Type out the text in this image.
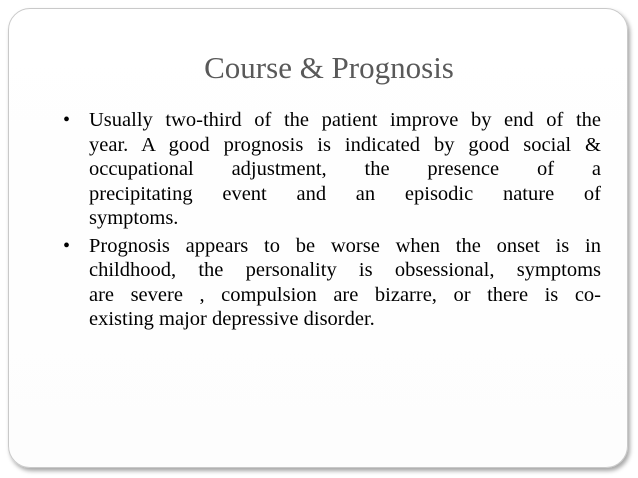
Course & Prognosis
• Usually two-third of the patient improve by end of the
year. A good prognosis is indicated by good social &
occupational adjustment, the presence of a
precipitating event and an episodic nature of
symptoms.
• Prognosis appears to be worse when the onset is in
childhood, the personality is obsessional, symptoms
are severe , compulsion are bizarre, or there is co-
existing major depressive disorder.
